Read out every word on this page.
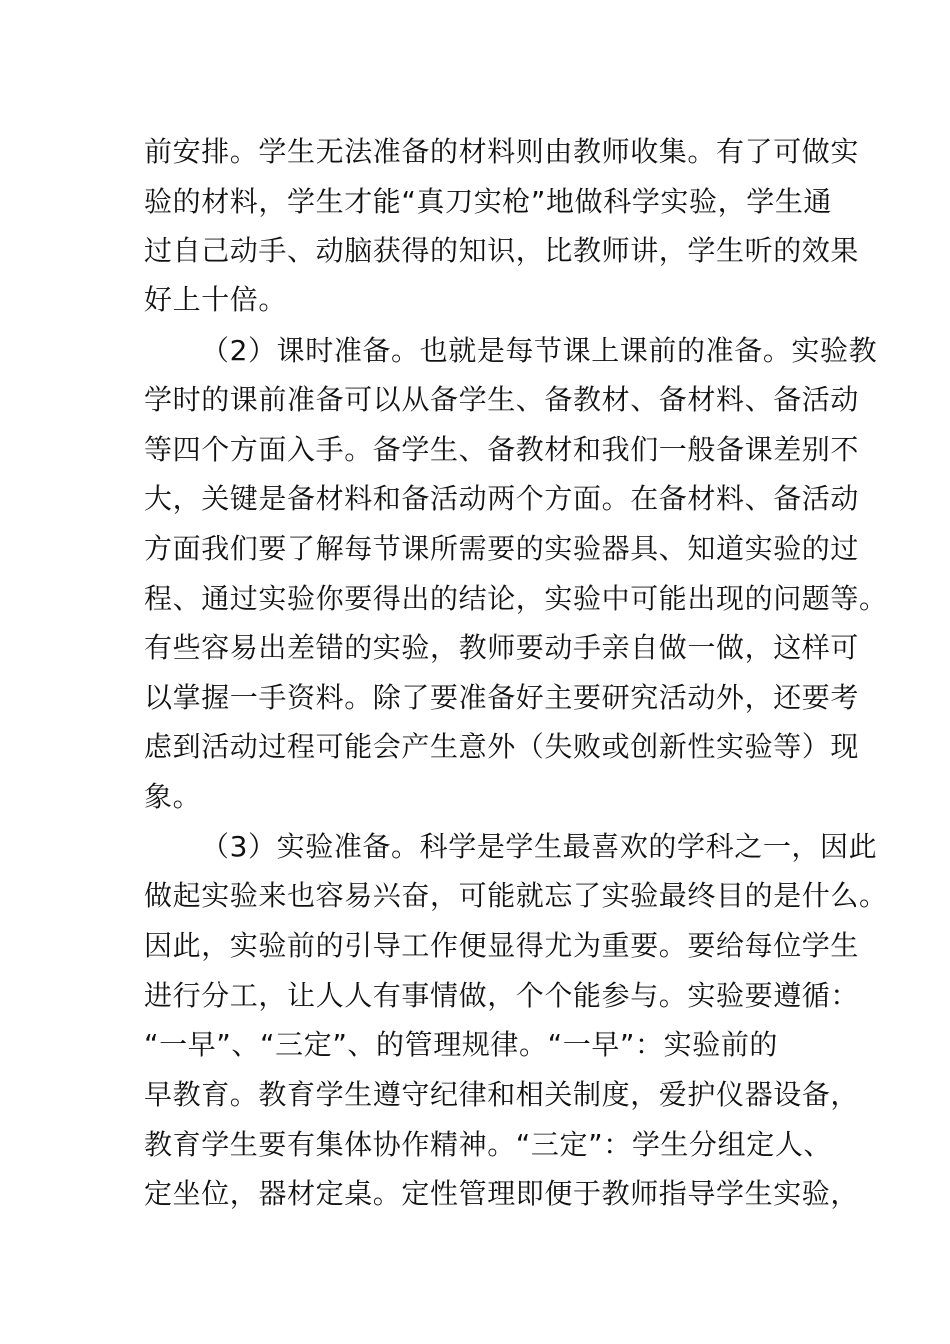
前安排。学生无法准备的材料则由教师收集。有了可做实
验的材料，学生才能“真刀实枪”地做科学实验，学生通
过自己动手、动脑获得的知识，比教师讲，学生听的效果
好上十倍。
（2）课时准备。也就是每节课上课前的准备。实验教
学时的课前准备可以从备学生、备教材、备材料、备活动
等四个方面入手。备学生、备教材和我们一般备课差别不
大，关键是备材料和备活动两个方面。在备材料、备活动
方面我们要了解每节课所需要的实验器具、知道实验的过
程、通过实验你要得出的结论，实验中可能出现的问题等。
有些容易出差错的实验，教师要动手亲自做一做，这样可
以掌握一手资料。除了要准备好主要研究活动外，还要考
虑到活动过程可能会产生意外（失败或创新性实验等）现
象。
（3）实验准备。科学是学生最喜欢的学科之一，因此
做起实验来也容易兴奋，可能就忘了实验最终目的是什么。
因此，实验前的引导工作便显得尤为重要。要给每位学生
进行分工，让人人有事情做，个个能参与。实验要遵循：
“一早”、“三定”、的管理规律。“一早”：实验前的
早教育。教育学生遵守纪律和相关制度，爱护仪器设备，
教育学生要有集体协作精神。“三定”：学生分组定人、
定坐位，器材定桌。定性管理即便于教师指导学生实验，
